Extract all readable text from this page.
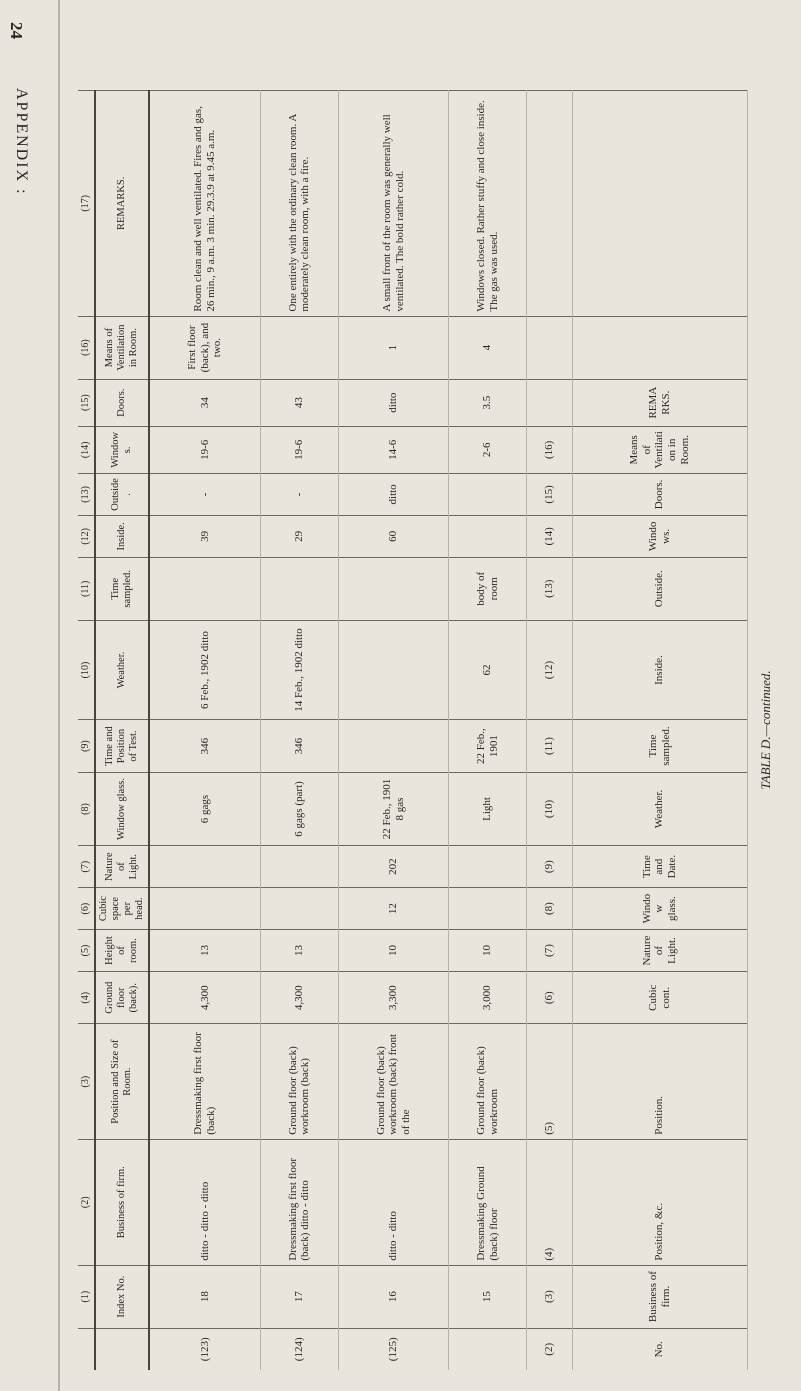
24
APPENDIX :
	(1)	(2)	(3)	(4)	(5)	(6)	(7)	(8)	(9)	(10)	(11)	(12)	(13)	(14)	(15)	(16)	(17)
	Index No.	Business of firm.	Position and Size of Room.	Ground floor (back).	Height of room.	Cubic space per head.	Nature of Light.	Window glass.	Time and Position of Test.	Weather.	Time sampled.	Inside.	Outside.	Windows.	Doors.	Means of Ventilation in Room.	REMARKS.
(123)	18	ditto - ditto - ditto	Dressmaking first floor (back)	4,300	13			6 gags	346	6 Feb., 1902 ditto		39	-	19-6	34	First floor (back), and two.	Room clean and well ventilated. Fires and gas, 26 min., 9 a.m. 3 min. 29.3.9 at 9.45 a.m.
(124)	17	Dressmaking first floor (back) ditto - ditto	Ground floor (back) workroom (back)	4,300	13			6 gags (part)	346	14 Feb., 1902 ditto		29	-	19-6	43		One entirely with the ordinary clean room. A moderately clean room, with a fire.
(125)	16	ditto - ditto	Ground floor (back) workroom (back) front of the	3,300	10	12	202	22 Feb., 1901 8 gas				60	ditto	14-6	ditto	1	A small front of the room was generally well ventilated. The bold rather cold.
	15	Dressmaking Ground (back) floor	Ground floor (back) workroom	3,000	10			Light	22 Feb., 1901	62	body of room			2-6	3.5	4	Windows closed. Rather stuffy and close inside. The gas was used.
(2)	(3)	(4)	(5)	(6)	(7)	(8)	(9)	(10)	(11)	(12)	(13)	(14)	(15)	(16)			
No.	Business of firm.	Position, &c.	Position.	Cubic cont.	Nature of Light.	Window glass.	Time and Date.	Weather.	Time sampled.	Inside.	Outside.	Windows.	Doors.	Means of Ventilation in Room.	REMARKS.		
TABLE D.—continued.
